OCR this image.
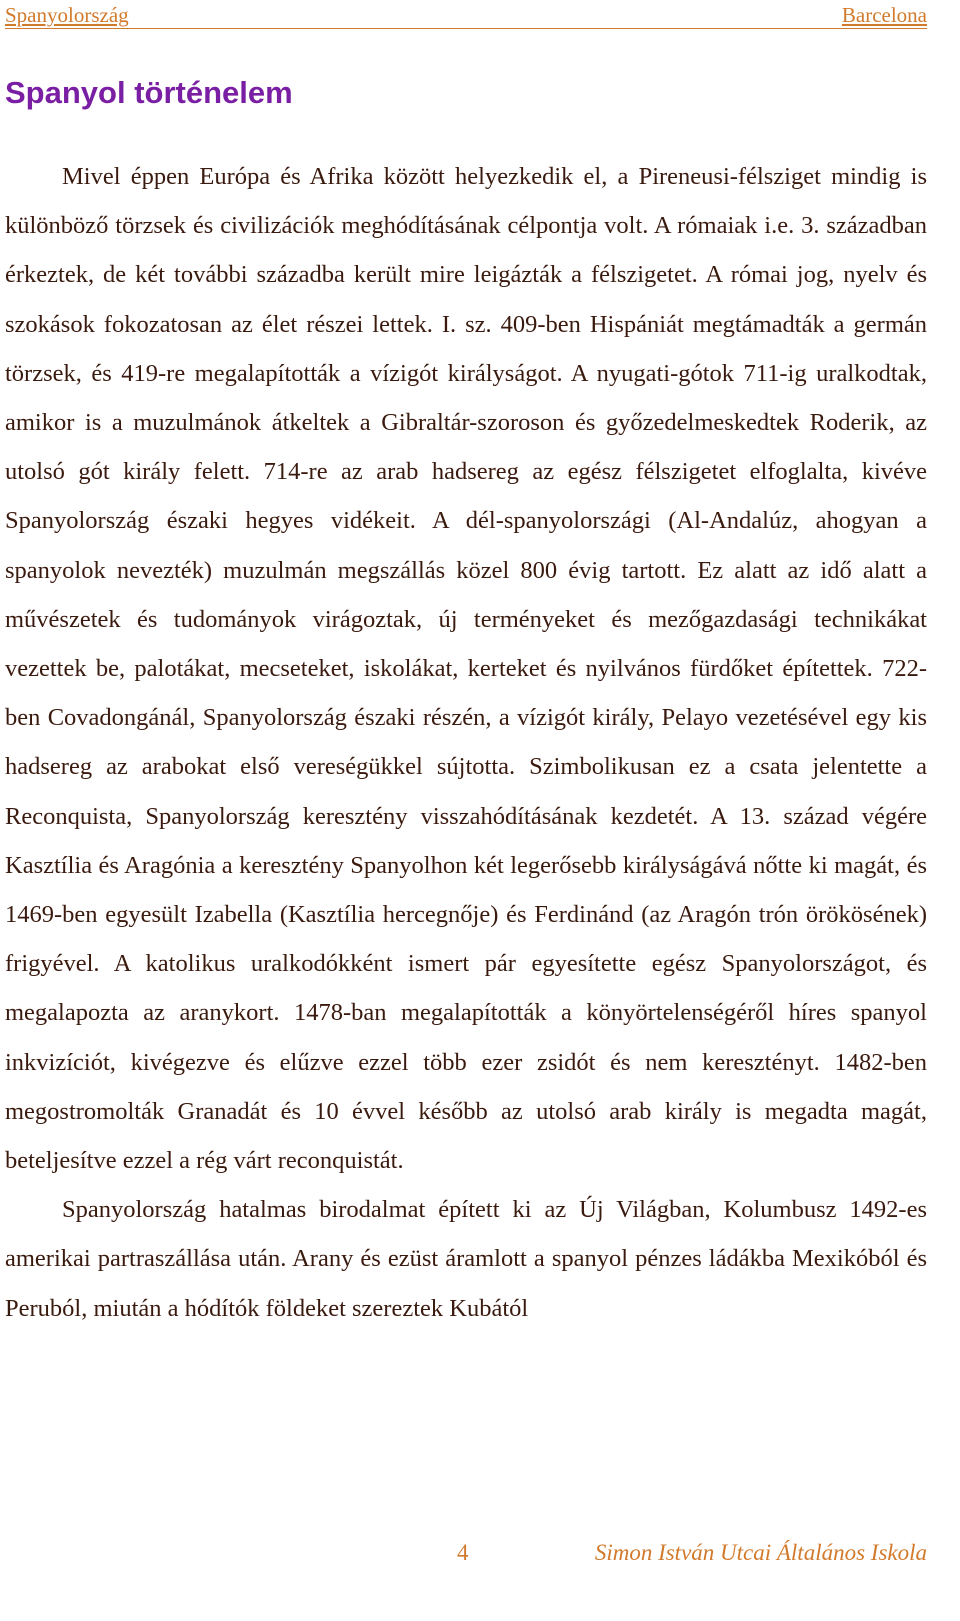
Spanyolország	Barcelona
Spanyol történelem

Mivel éppen Európa és Afrika között helyezkedik el, a Pireneusi-félsziget mindig is különböző törzsek és civilizációk meghódításának célpontja volt. A rómaiak i.e. 3. században érkeztek, de két további századba került mire leigázták a félszigetet. A római jog, nyelv és szokások fokozatosan az élet részei lettek. I. sz. 409-ben Hispániát megtámadták a germán törzsek, és 419-re megalapították a vízigót királyságot. A nyugati-gótok 711-ig uralkodtak, amikor is a muzulmánok átkeltek a Gibraltár-szoroson és győzedelmeskedtek Roderik, az utolsó gót király felett. 714-re az arab hadsereg az egész félszigetet elfoglalta, kivéve Spanyolország északi hegyes vidékeit. A dél-spanyolországi (Al-Andalúz, ahogyan a spanyolok nevezték) muzulmán megszállás közel 800 évig tartott. Ez alatt az idő alatt a művészetek és tudományok virágoztak, új terményeket és mezőgazdasági technikákat vezettek be, palotákat, mecseteket, iskolákat, kerteket és nyilvános fürdőket építettek. 722-ben Covadongánál, Spanyolország északi részén, a vízigót király, Pelayo vezetésével egy kis hadsereg az arabokat első vereségükkel sújtotta. Szimbolikusan ez a csata jelentette a Reconquista, Spanyolország keresztény visszahódításának kezdetét. A 13. század végére Kasztília és Aragónia a keresztény Spanyolhon két legerősebb királyságává nőtte ki magát, és 1469-ben egyesült Izabella (Kasztília hercegnője) és Ferdinánd (az Aragón trón örökösének) frigyével. A katolikus uralkodókként ismert pár egyesítette egész Spanyolországot, és megalapozta az aranykort. 1478-ban megalapították a könyörtelenségéről híres spanyol inkvizíciót, kivégezve és elűzve ezzel több ezer zsidót és nem keresztényt. 1482-ben megostromolták Granadát és 10 évvel később az utolsó arab király is megadta magát, beteljesítve ezzel a rég várt reconquistát.

Spanyolország hatalmas birodalmat épített ki az Új Világban, Kolumbusz 1492-es amerikai partraszállása után. Arany és ezüst áramlott a spanyol pénzes ládákba Mexikóból és Peruból, miután a hódítók földeket szereztek Kubától

4	Simon István Utcai Általános Iskola
